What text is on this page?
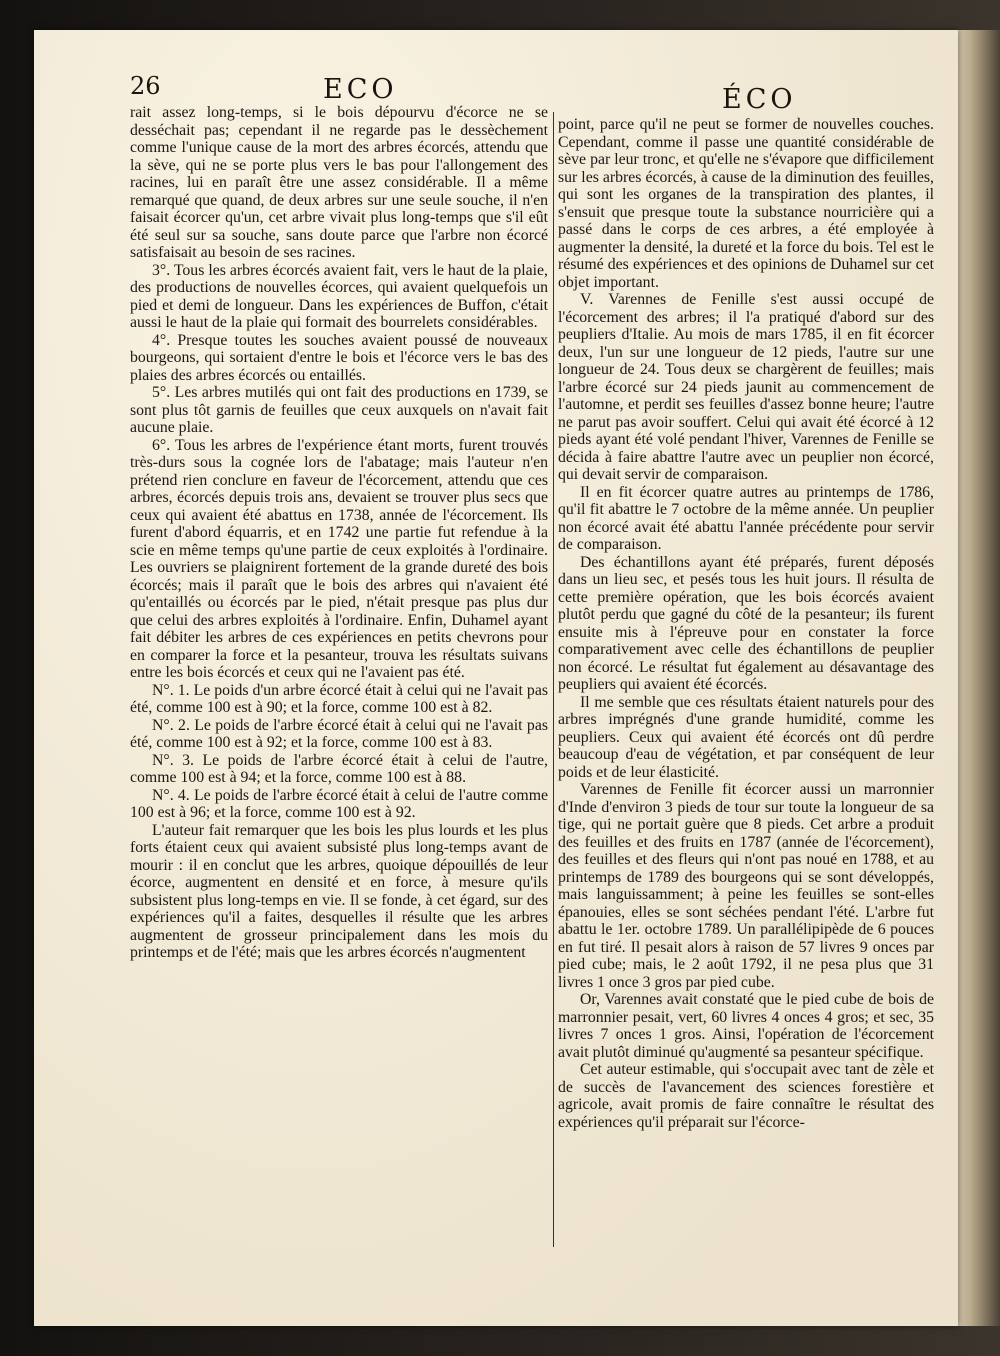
26	ECO	ÉCO

rait assez long-temps, si le bois dépourvu d'écorce ne se desséchait pas; cependant il ne regarde pas le dessèchement comme l'unique cause de la mort des arbres écorcés, attendu que la sève, qui ne se porte plus vers le bas pour l'allongement des racines, lui en paraît être une assez considérable. Il a même remarqué que quand, de deux arbres sur une seule souche, il n'en faisait écorcer qu'un, cet arbre vivait plus long-temps que s'il eût été seul sur sa souche, sans doute parce que l'arbre non écorcé satisfaisait au besoin de ses racines.

3°. Tous les arbres écorcés avaient fait, vers le haut de la plaie, des productions de nouvelles écorces, qui avaient quelquefois un pied et demi de longueur. Dans les expériences de Buffon, c'était aussi le haut de la plaie qui formait des bourrelets considérables.

4°. Presque toutes les souches avaient poussé de nouveaux bourgeons, qui sortaient d'entre le bois et l'écorce vers le bas des plaies des arbres écorcés ou entaillés.

5°. Les arbres mutilés qui ont fait des productions en 1739, se sont plus tôt garnis de feuilles que ceux auxquels on n'avait fait aucune plaie.

6°. Tous les arbres de l'expérience étant morts, furent trouvés très-durs sous la cognée lors de l'abatage; mais l'auteur n'en prétend rien conclure en faveur de l'écorcement, attendu que ces arbres, écorcés depuis trois ans, devaient se trouver plus secs que ceux qui avaient été abattus en 1738, année de l'écorcement. Ils furent d'abord équarris, et en 1742 une partie fut refendue à la scie en même temps qu'une partie de ceux exploités à l'ordinaire. Les ouvriers se plaignirent fortement de la grande dureté des bois écorcés; mais il paraît que le bois des arbres qui n'avaient été qu'entaillés ou écorcés par le pied, n'était presque pas plus dur que celui des arbres exploités à l'ordinaire. Enfin, Duhamel ayant fait débiter les arbres de ces expériences en petits chevrons pour en comparer la force et la pesanteur, trouva les résultats suivans entre les bois écorcés et ceux qui ne l'avaient pas été.

N°. 1. Le poids d'un arbre écorcé était à celui qui ne l'avait pas été, comme 100 est à 90; et la force, comme 100 est à 82.

N°. 2. Le poids de l'arbre écorcé était à celui qui ne l'avait pas été, comme 100 est à 92; et la force, comme 100 est à 83.

N°. 3. Le poids de l'arbre écorcé était à celui de l'autre, comme 100 est à 94; et la force, comme 100 est à 88.

N°. 4. Le poids de l'arbre écorcé était à celui de l'autre comme 100 est à 96; et la force, comme 100 est à 92.

L'auteur fait remarquer que les bois les plus lourds et les plus forts étaient ceux qui avaient subsisté plus long-temps avant de mourir : il en conclut que les arbres, quoique dépouillés de leur écorce, augmentent en densité et en force, à mesure qu'ils subsistent plus long-temps en vie. Il se fonde, à cet égard, sur des expériences qu'il a faites, desquelles il résulte que les arbres augmentent de grosseur principalement dans les mois du printemps et de l'été; mais que les arbres écorcés n'augmentent

point, parce qu'il ne peut se former de nouvelles couches. Cependant, comme il passe une quantité considérable de sève par leur tronc, et qu'elle ne s'évapore que difficilement sur les arbres écorcés, à cause de la diminution des feuilles, qui sont les organes de la transpiration des plantes, il s'ensuit que presque toute la substance nourricière qui a passé dans le corps de ces arbres, a été employée à augmenter la densité, la dureté et la force du bois. Tel est le résumé des expériences et des opinions de Duhamel sur cet objet important.

V. Varennes de Fenille s'est aussi occupé de l'écorcement des arbres; il l'a pratiqué d'abord sur des peupliers d'Italie. Au mois de mars 1785, il en fit écorcer deux, l'un sur une longueur de 12 pieds, l'autre sur une longueur de 24. Tous deux se chargèrent de feuilles; mais l'arbre écorcé sur 24 pieds jaunit au commencement de l'automne, et perdit ses feuilles d'assez bonne heure; l'autre ne parut pas avoir souffert. Celui qui avait été écorcé à 12 pieds ayant été volé pendant l'hiver, Varennes de Fenille se décida à faire abattre l'autre avec un peuplier non écorcé, qui devait servir de comparaison.

Il en fit écorcer quatre autres au printemps de 1786, qu'il fit abattre le 7 octobre de la même année. Un peuplier non écorcé avait été abattu l'année précédente pour servir de comparaison.

Des échantillons ayant été préparés, furent déposés dans un lieu sec, et pesés tous les huit jours. Il résulta de cette première opération, que les bois écorcés avaient plutôt perdu que gagné du côté de la pesanteur; ils furent ensuite mis à l'épreuve pour en constater la force comparativement avec celle des échantillons de peuplier non écorcé. Le résultat fut également au désavantage des peupliers qui avaient été écorcés.

Il me semble que ces résultats étaient naturels pour des arbres imprégnés d'une grande humidité, comme les peupliers. Ceux qui avaient été écorcés ont dû perdre beaucoup d'eau de végétation, et par conséquent de leur poids et de leur élasticité.

Varennes de Fenille fit écorcer aussi un marronnier d'Inde d'environ 3 pieds de tour sur toute la longueur de sa tige, qui ne portait guère que 8 pieds. Cet arbre a produit des feuilles et des fruits en 1787 (année de l'écorcement), des feuilles et des fleurs qui n'ont pas noué en 1788, et au printemps de 1789 des bourgeons qui se sont développés, mais languissamment; à peine les feuilles se sont-elles épanouies, elles se sont séchées pendant l'été. L'arbre fut abattu le 1er. octobre 1789. Un parallélipipède de 6 pouces en fut tiré. Il pesait alors à raison de 57 livres 9 onces par pied cube; mais, le 2 août 1792, il ne pesa plus que 31 livres 1 once 3 gros par pied cube.

Or, Varennes avait constaté que le pied cube de bois de marronnier pesait, vert, 60 livres 4 onces 4 gros; et sec, 35 livres 7 onces 1 gros. Ainsi, l'opération de l'écorcement avait plutôt diminué qu'augmenté sa pesanteur spécifique.

Cet auteur estimable, qui s'occupait avec tant de zèle et de succès de l'avancement des sciences forestière et agricole, avait promis de faire connaître le résultat des expériences qu'il préparait sur l'écorce-
